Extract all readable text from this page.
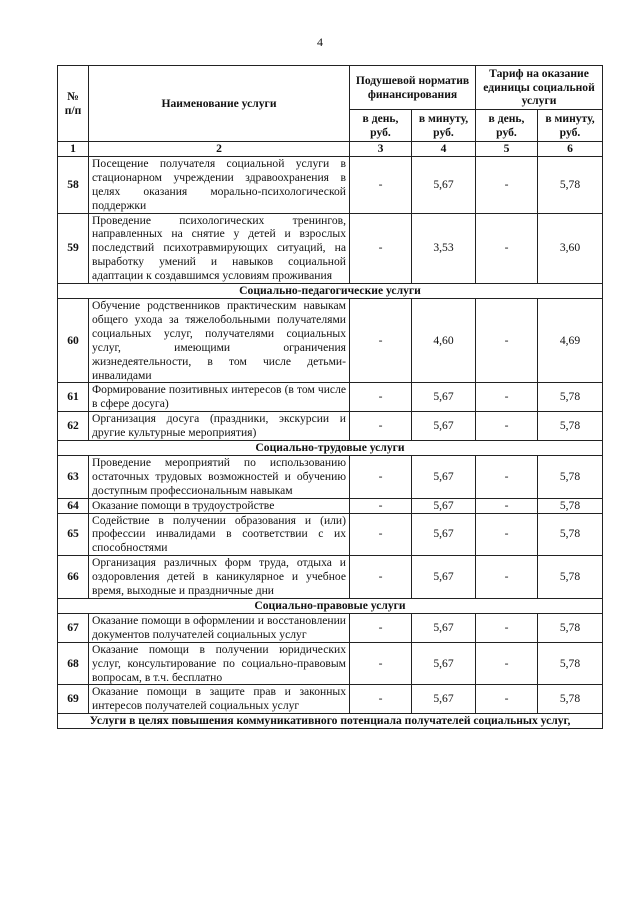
4
№ п/п	Наименование услуги	Подушевой норматив финансирования		Тариф на оказание единицы социальной услуги	
		в день, руб.	в минуту, руб.	в день, руб.	в минуту, руб.
1	2	3	4	5	6
58	Посещение получателя социальной услуги в стационарном учреждении здравоохранения в целях оказания морально-психологической поддержки	-	5,67	-	5,78
59	Проведение психологических тренингов, направленных на снятие у детей и взрослых последствий психотравмирующих ситуаций, на выработку умений и навыков социальной адаптации к создавшимся условиям проживания	-	3,53	-	3,60
Социально-педагогические услуги					
60	Обучение родственников практическим навыкам общего ухода за тяжелобольными получателями социальных услуг, получателями социальных услуг, имеющими ограничения жизнедеятельности, в том числе детьми-инвалидами	-	4,60	-	4,69
61	Формирование позитивных интересов (в том числе в сфере досуга)	-	5,67	-	5,78
62	Организация досуга (праздники, экскурсии и другие культурные мероприятия)	-	5,67	-	5,78
Социально-трудовые услуги					
63	Проведение мероприятий по использованию остаточных трудовых возможностей и обучению доступным профессиональным навыкам	-	5,67	-	5,78
64	Оказание помощи в трудоустройстве	-	5,67	-	5,78
65	Содействие в получении образования и (или) профессии инвалидами в соответствии с их способностями	-	5,67	-	5,78
66	Организация различных форм труда, отдыха и оздоровления детей в каникулярное и учебное время, выходные и праздничные дни	-	5,67	-	5,78
Социально-правовые услуги					
67	Оказание помощи в оформлении и восстановлении документов получателей социальных услуг	-	5,67	-	5,78
68	Оказание помощи в получении юридических услуг, консультирование по социально-правовым вопросам, в т.ч. бесплатно	-	5,67	-	5,78
69	Оказание помощи в защите прав и законных интересов получателей социальных услуг	-	5,67	-	5,78
Услуги в целях повышения коммуникативного потенциала получателей социальных услуг,					
